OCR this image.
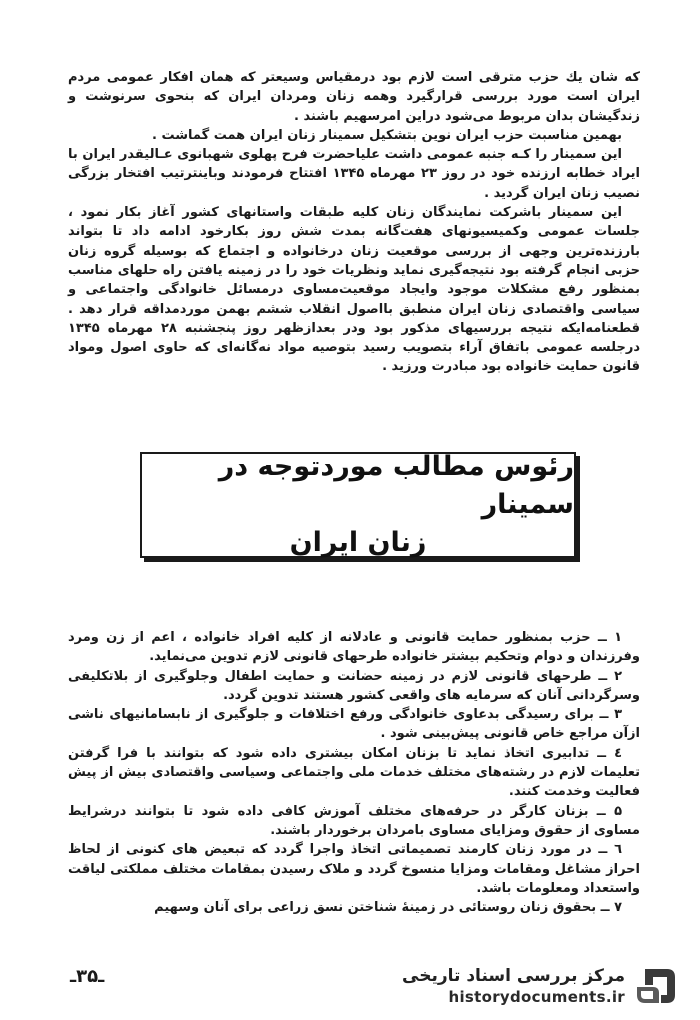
که شان یك حزب مترقی است لازم بود درمقیاس وسیعتر که همان افکار عمومی مردم ایران است مورد بررسی قرارگیرد وهمه زنان ومردان ایران که بنحوی سرنوشت و زندگیشان بدان مربوط می‌شود دراین امرسهیم باشند .

بهمین مناسبت حزب ایران نوین بتشکیل سمینار زنان ایران همت گماشت .

این سمینار را کـه جنبه عمومی داشت علیاحضرت فرح پهلوی شهبانوی عـالیقدر ایران با ایراد خطابه ارزنده خود در روز ۲۳ مهرماه ۱۳۴۵ افتتاح فرمودند وباینترتیب افتخار بزرگی نصیب زنان ایران گردید .

این سمینار باشرکت نمایندگان زنان کلیه طبقات واستانهای کشور آغاز بکار نمود ، جلسات عمومی وکمیسیونهای هفت‌گانه بمدت شش روز بکارخود ادامه داد تا بتواند بارزنده‌ترین وجهی از بررسی موقعیت زنان درخانواده و اجتماع که بوسیله گروه زنان حزبی انجام گرفته بود نتیجه‌گیری نماید ونظریات خود را در زمینه یافتن راه حلهای مناسب بمنظور رفع مشکلات موجود وایجاد موقعیت‌مساوی درمسائل خانوادگی واجتماعی و سیاسی واقتصادی زنان ایران منطبق بااصول انقلاب ششم بهمن موردمداقه قرار دهد . قطعنامه‌ایکه نتیجه بررسیهای مذکور بود ودر بعدازظهر روز پنجشنبه ۲۸ مهرماه ۱۳۴۵ درجلسه عمومی باتفاق آراء بتصویب رسید بتوصیه مواد نه‌گانه‌ای که حاوی اصول ومواد قانون حمایت خانواده بود مبادرت ورزید .

رئوس مطالب موردتوجه در سمینار
زنان ایران

۱ ــ حزب بمنظور حمایت قانونی و عادلانه از کلیه افراد خانواده ، اعم از زن ومرد وفرزندان و دوام وتحکیم بیشتر خانواده طرحهای قانونی لازم تدوین می‌نماید.

۲ ــ طرحهای قانونی لازم در زمینه حضانت و حمایت اطفال وجلوگیری از بلاتکلیفی وسرگردانی آنان که سرمایه های واقعی کشور هستند تدوین گردد.

۳ ــ برای رسیدگی بدعاوی خانوادگی ورفع اختلافات و جلوگیری از نابسامانیهای ناشی ازآن مراجع خاص قانونی پیش‌بینی شود .

٤ ــ تدابیری اتخاذ نماید تا بزنان امکان بیشتری داده شود که بتوانند با فرا گرفتن تعلیمات لازم در رشته‌های مختلف خدمات ملی واجتماعی وسیاسی واقتصادی بیش از پیش فعالیت وخدمت کنند.

۵ ــ بزنان کارگر در حرفه‌های مختلف آموزش کافی داده شود تا بتوانند درشرایط مساوی از حقوق ومزایای مساوی بامردان برخوردار باشند.

٦ ــ در مورد زنان کارمند تصمیماتی اتخاذ واجرا گردد که تبعیض های کنونی از لحاظ احراز مشاغل ومقامات ومزایا منسوخ گردد و ملاک رسیدن بمقامات مختلف مملکتی لیاقت واستعداد ومعلومات باشد.

۷ ــ بحقوق زنان روستائی در زمینهٔ شناختن نسق زراعی برای آنان وسهیم

ـ۳۵ـ	مرکز بررسی اسناد تاریخی
historydocuments.ir
